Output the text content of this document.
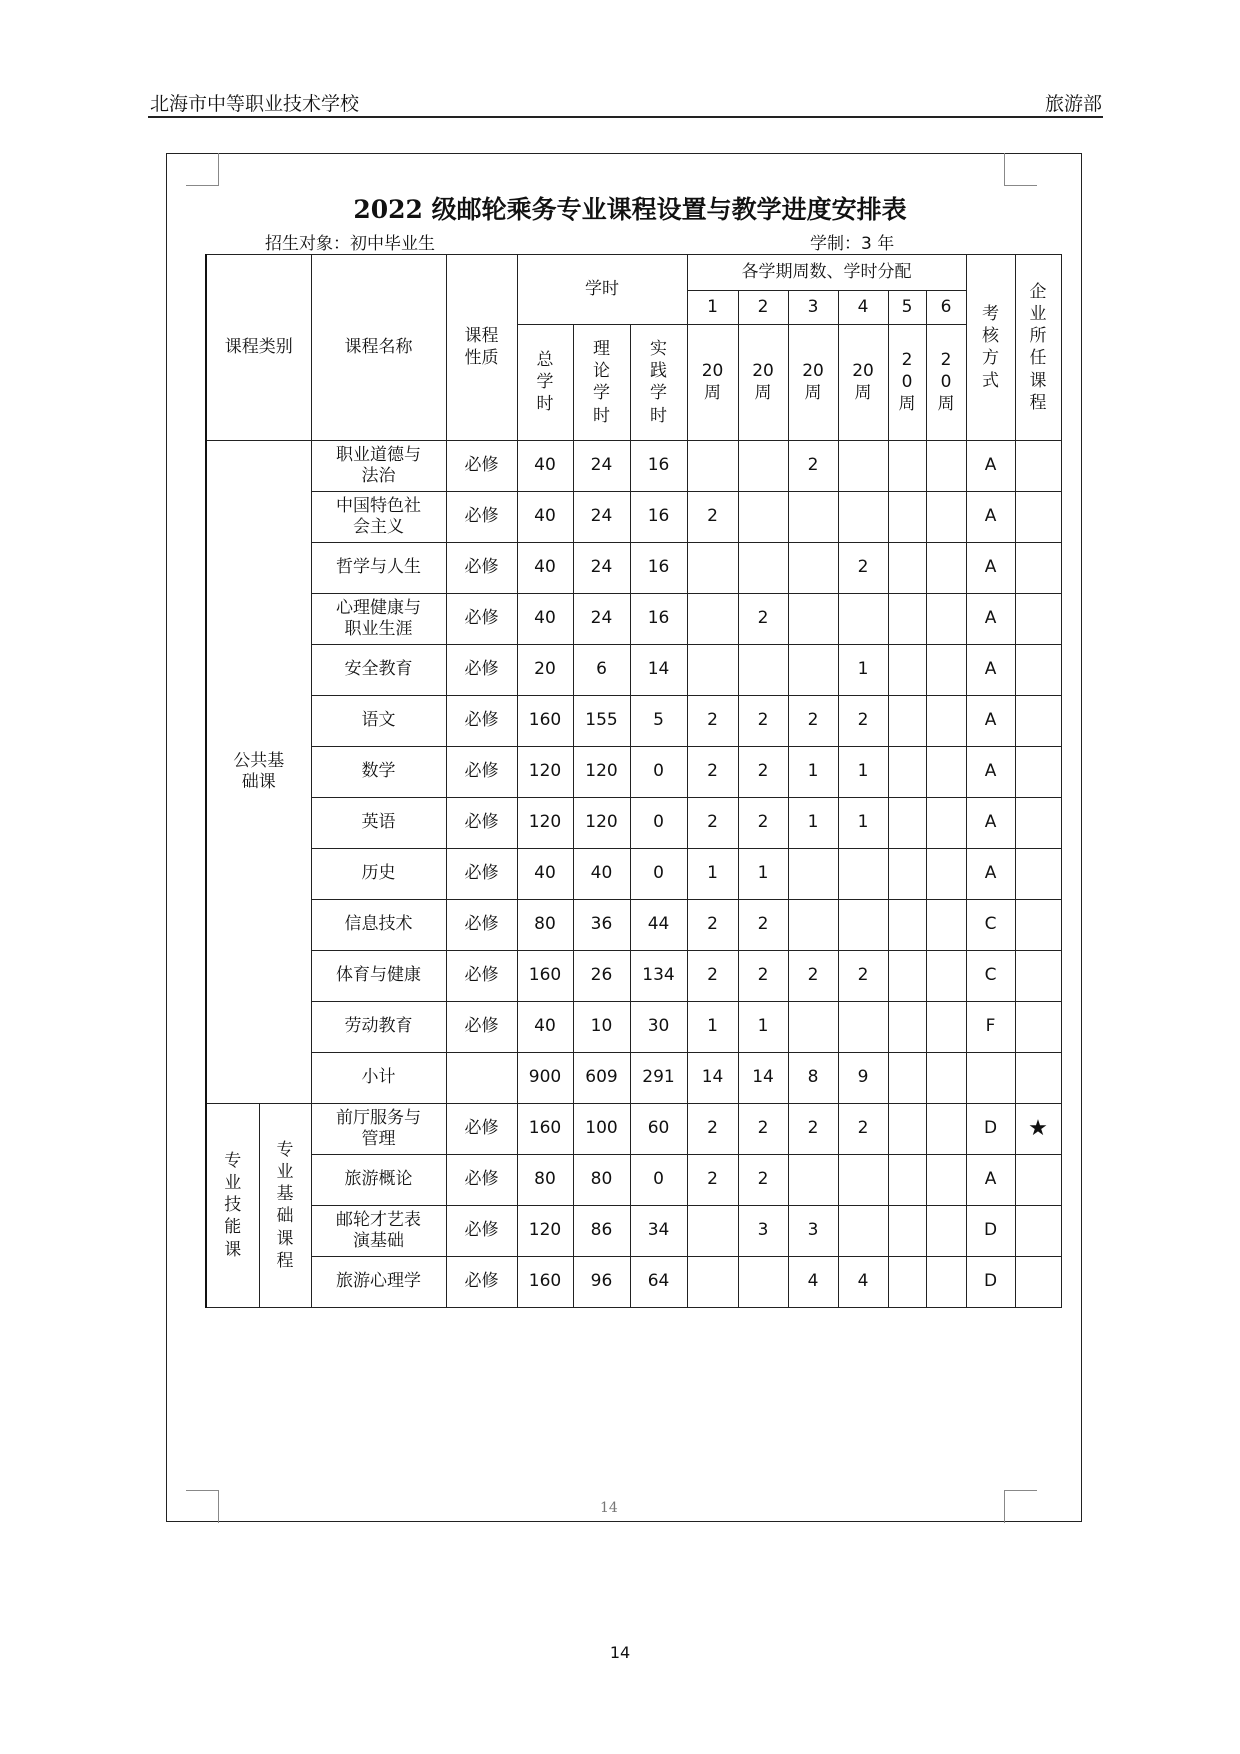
北海市中等职业技术学校	旅游部
2022 级邮轮乘务专业课程设置与教学进度安排表
招生对象：初中毕业生	学制：3 年
课程类别		课程名称	课程性质	学时			各学期周数、学时分配						考核方式	企业所任课程
							1	2	3	4	5	6		
				总学时	理论学时	实践学时	20周	20周	20周	20周	20周	20周		
公共基础课		职业道德与法治	必修	40	24	16			2				A	
		中国特色社会主义	必修	40	24	16	2						A	
		哲学与人生	必修	40	24	16				2			A	
		心理健康与职业生涯	必修	40	24	16		2					A	
		安全教育	必修	20	6	14				1			A	
		语文	必修	160	155	5	2	2	2	2			A	
		数学	必修	120	120	0	2	2	1	1			A	
		英语	必修	120	120	0	2	2	1	1			A	
		历史	必修	40	40	0	1	1					A	
		信息技术	必修	80	36	44	2	2					C	
		体育与健康	必修	160	26	134	2	2	2	2			C	
		劳动教育	必修	40	10	30	1	1					F	
		小计		900	609	291	14	14	8	9				
专业技能课	专业基础课程	前厅服务与管理	必修	160	100	60	2	2	2	2			D	★
		旅游概论	必修	80	80	0	2	2					A	
		邮轮才艺表演基础	必修	120	86	34		3	3				D	
		旅游心理学	必修	160	96	64			4	4			D	
14
14
